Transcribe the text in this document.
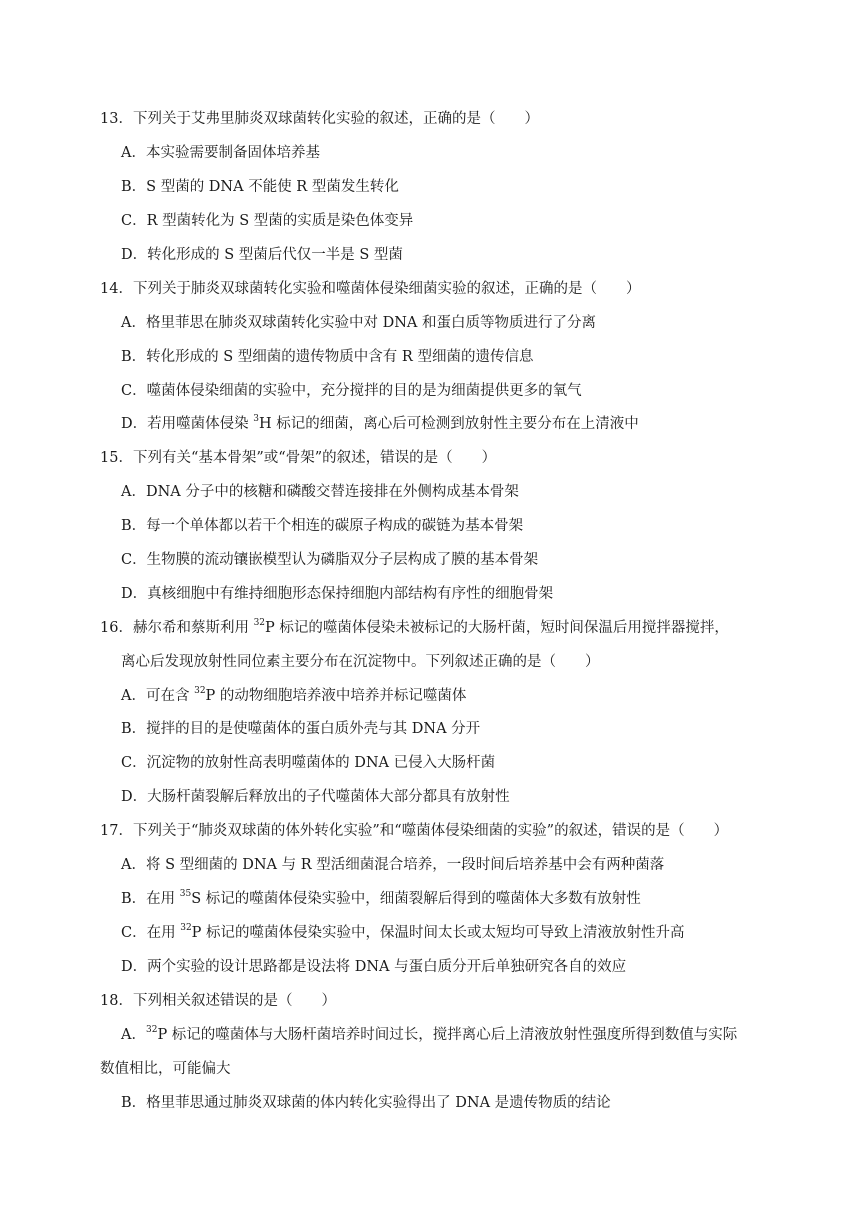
13．下列关于艾弗里肺炎双球菌转化实验的叙述，正确的是（　　）
A．本实验需要制备固体培养基
B．S 型菌的 DNA 不能使 R 型菌发生转化
C．R 型菌转化为 S 型菌的实质是染色体变异
D．转化形成的 S 型菌后代仅一半是 S 型菌
14．下列关于肺炎双球菌转化实验和噬菌体侵染细菌实验的叙述，正确的是（　　）
A．格里菲思在肺炎双球菌转化实验中对 DNA 和蛋白质等物质进行了分离
B．转化形成的 S 型细菌的遗传物质中含有 R 型细菌的遗传信息
C．噬菌体侵染细菌的实验中，充分搅拌的目的是为细菌提供更多的氧气
D．若用噬菌体侵染 $^3$H 标记的细菌，离心后可检测到放射性主要分布在上清液中
15．下列有关“基本骨架”或“骨架”的叙述，错误的是（　　）
A．DNA 分子中的核糖和磷酸交替连接排在外侧构成基本骨架
B．每一个单体都以若干个相连的碳原子构成的碳链为基本骨架
C．生物膜的流动镶嵌模型认为磷脂双分子层构成了膜的基本骨架
D．真核细胞中有维持细胞形态保持细胞内部结构有序性的细胞骨架
16．赫尔希和蔡斯利用 $^{32}$P 标记的噬菌体侵染未被标记的大肠杆菌，短时间保温后用搅拌器搅拌，
离心后发现放射性同位素主要分布在沉淀物中。下列叙述正确的是（　　）
A．可在含 $^{32}$P 的动物细胞培养液中培养并标记噬菌体
B．搅拌的目的是使噬菌体的蛋白质外壳与其 DNA 分开
C．沉淀物的放射性高表明噬菌体的 DNA 已侵入大肠杆菌
D．大肠杆菌裂解后释放出的子代噬菌体大部分都具有放射性
17．下列关于“肺炎双球菌的体外转化实验”和“噬菌体侵染细菌的实验”的叙述，错误的是（　　）
A．将 S 型细菌的 DNA 与 R 型活细菌混合培养，一段时间后培养基中会有两种菌落
B．在用 $^{35}$S 标记的噬菌体侵染实验中，细菌裂解后得到的噬菌体大多数有放射性
C．在用 $^{32}$P 标记的噬菌体侵染实验中，保温时间太长或太短均可导致上清液放射性升高
D．两个实验的设计思路都是设法将 DNA 与蛋白质分开后单独研究各自的效应
18．下列相关叙述错误的是（　　）
A．$^{32}$P 标记的噬菌体与大肠杆菌培养时间过长，搅拌离心后上清液放射性强度所得到数值与实际
数值相比，可能偏大
B．格里菲思通过肺炎双球菌的体内转化实验得出了 DNA 是遗传物质的结论
